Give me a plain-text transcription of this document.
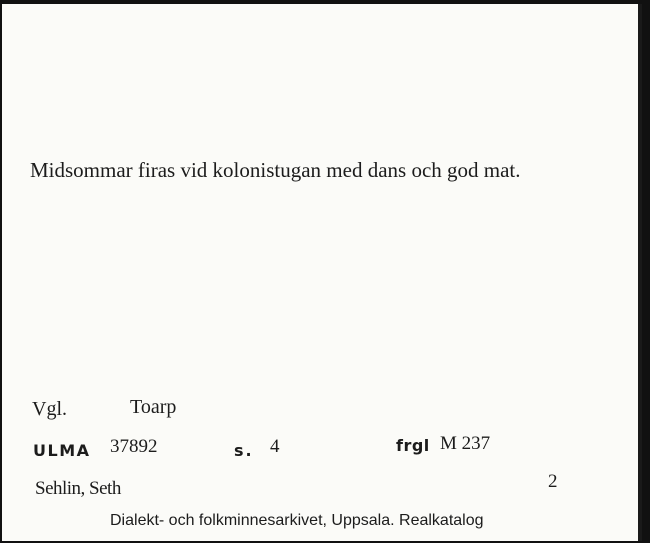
Midsommar firas vid kolonistugan med dans och god mat.
Vgl.	Toarp
ULMA 37892	s. 4	frgl M 237
Sehlin, Seth	2
Dialekt- och folkminnesarkivet, Uppsala. Realkatalog
